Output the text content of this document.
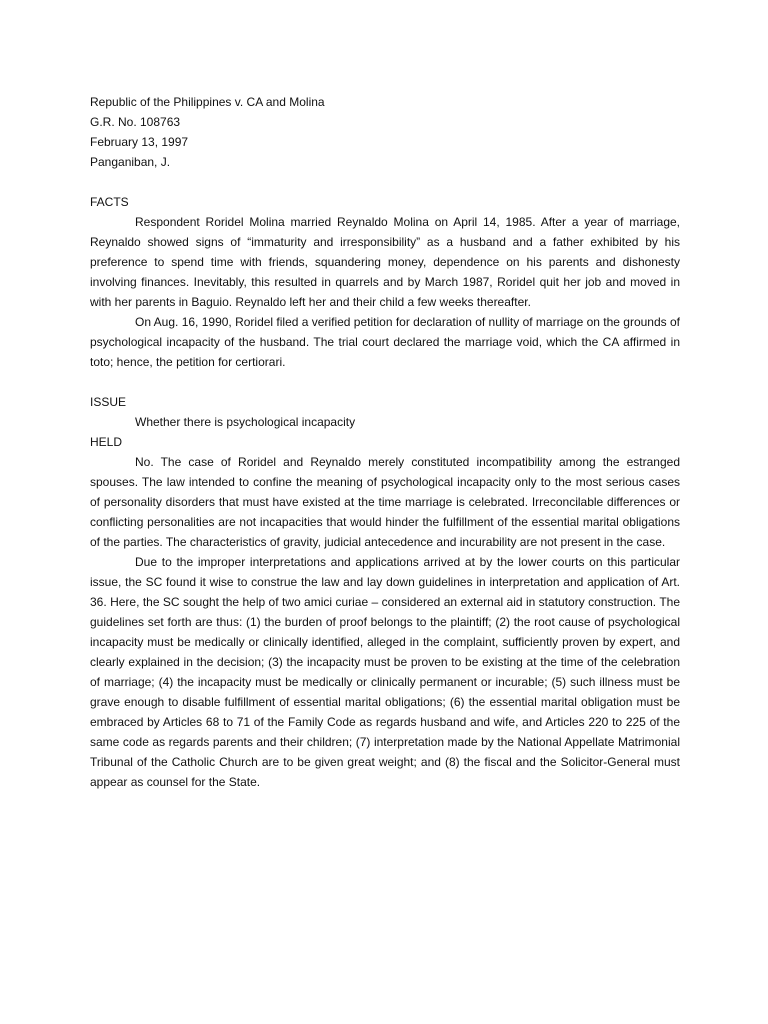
Republic of the Philippines v. CA and Molina
G.R. No. 108763
February 13, 1997
Panganiban, J.
FACTS

Respondent Roridel Molina married Reynaldo Molina on April 14, 1985. After a year of marriage, Reynaldo showed signs of “immaturity and irresponsibility” as a husband and a father exhibited by his preference to spend time with friends, squandering money, dependence on his parents and dishonesty involving finances. Inevitably, this resulted in quarrels and by March 1987, Roridel quit her job and moved in with her parents in Baguio. Reynaldo left her and their child a few weeks thereafter.

On Aug. 16, 1990, Roridel filed a verified petition for declaration of nullity of marriage on the grounds of psychological incapacity of the husband. The trial court declared the marriage void, which the CA affirmed in toto; hence, the petition for certiorari.

ISSUE
Whether there is psychological incapacity
HELD

No. The case of Roridel and Reynaldo merely constituted incompatibility among the estranged spouses. The law intended to confine the meaning of psychological incapacity only to the most serious cases of personality disorders that must have existed at the time marriage is celebrated. Irreconcilable differences or conflicting personalities are not incapacities that would hinder the fulfillment of the essential marital obligations of the parties. The characteristics of gravity, judicial antecedence and incurability are not present in the case.

Due to the improper interpretations and applications arrived at by the lower courts on this particular issue, the SC found it wise to construe the law and lay down guidelines in interpretation and application of Art. 36. Here, the SC sought the help of two amici curiae – considered an external aid in statutory construction. The guidelines set forth are thus: (1) the burden of proof belongs to the plaintiff; (2) the root cause of psychological incapacity must be medically or clinically identified, alleged in the complaint, sufficiently proven by expert, and clearly explained in the decision; (3) the incapacity must be proven to be existing at the time of the celebration of marriage; (4) the incapacity must be medically or clinically permanent or incurable; (5) such illness must be grave enough to disable fulfillment of essential marital obligations; (6) the essential marital obligation must be embraced by Articles 68 to 71 of the Family Code as regards husband and wife, and Articles 220 to 225 of the same code as regards parents and their children; (7) interpretation made by the National Appellate Matrimonial Tribunal of the Catholic Church are to be given great weight; and (8) the fiscal and the Solicitor-General must appear as counsel for the State.
